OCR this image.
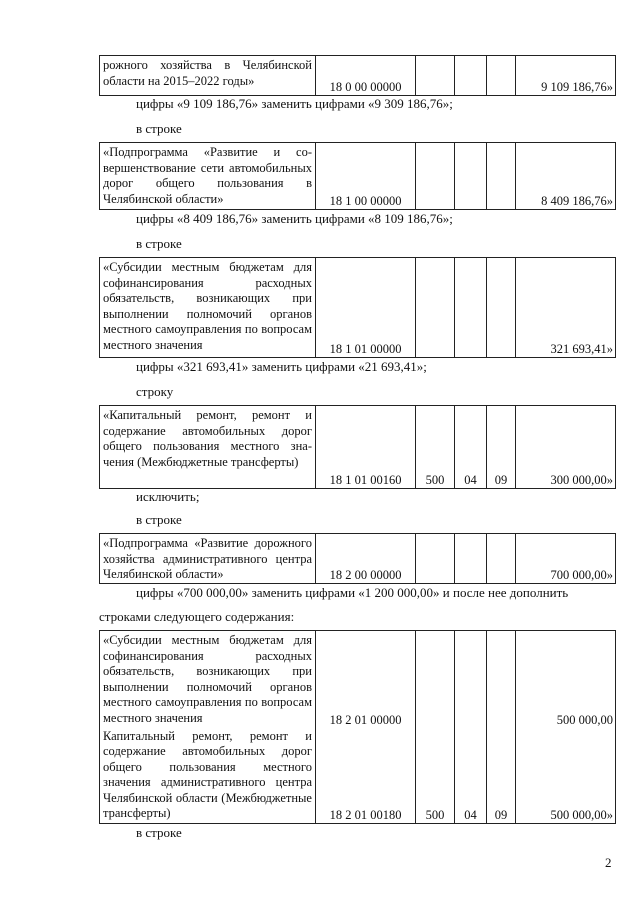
рожного хозяйства в Челябинской области на 2015–2022 годы»	18 0 00 00000				9 109 186,76»
цифры «9 109 186,76» заменить цифрами «9 309 186,76»;
в строке
«Подпрограмма «Развитие и совершенствование сети автомобильных дорог общего пользования в Челябинской области»	18 1 00 00000				8 409 186,76»
цифры «8 409 186,76» заменить цифрами «8 109 186,76»;
в строке
«Субсидии местным бюджетам для софинансирования расходных обязательств, возникающих при выполнении полномочий органов местного самоуправления по вопросам местного значения	18 1 01 00000				321 693,41»
цифры «321 693,41» заменить цифрами «21 693,41»;
строку
«Капитальный ремонт, ремонт и содержание автомобильных дорог общего пользования местного значения (Межбюджетные трансферты)	18 1 01 00160	500	04	09	300 000,00»
исключить;
в строке
«Подпрограмма «Развитие дорожного хозяйства административного центра Челябинской области»	18 2 00 00000				700 000,00»
цифры «700 000,00» заменить цифрами «1 200 000,00» и после нее дополнить
строками следующего содержания:
«Субсидии местным бюджетам для софинансирования расходных обязательств, возникающих при выполнении полномочий органов местного самоуправления по вопросам местного значения	18 2 01 00000				500 000,00
Капитальный ремонт, ремонт и содержание автомобильных дорог общего пользования местного значения административного центра Челябинской области (Межбюджетные трансферты)	18 2 01 00180	500	04	09	500 000,00»
в строке
2
